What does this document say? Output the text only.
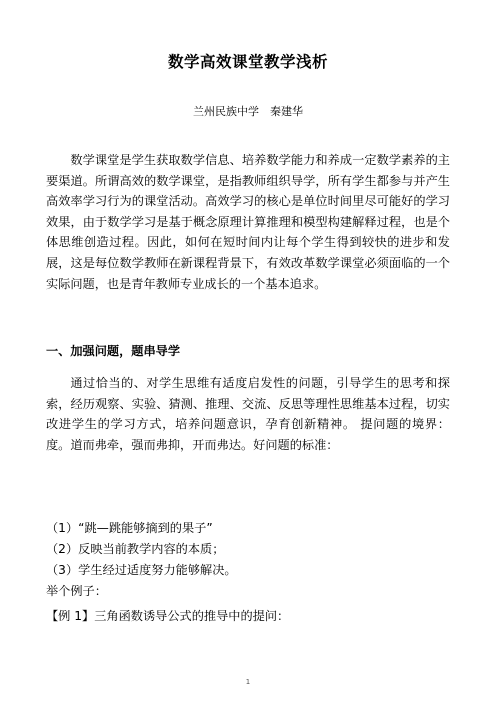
数学高效课堂教学浅析
兰州民族中学　秦建华

数学课堂是学生获取数学信息、培养数学能力和养成一定数学素养的主要渠道。所谓高效的数学课堂，是指教师组织导学，所有学生都参与并产生高效率学习行为的课堂活动。高效学习的核心是单位时间里尽可能好的学习效果，由于数学学习是基于概念原理计算推理和模型构建解释过程，也是个体思维创造过程。因此，如何在短时间内让每个学生得到较快的进步和发展，这是每位数学教师在新课程背景下，有效改革数学课堂必须面临的一个实际问题，也是青年教师专业成长的一个基本追求。

一、加强问题，题串导学

通过恰当的、对学生思维有适度启发性的问题，引导学生的思考和探索，经历观察、实验、猜测、推理、交流、反思等理性思维基本过程，切实改进学生的学习方式，培养问题意识，孕育创新精神。 提问题的境界：度。道而弗牵，强而弗抑，开而弗达。好问题的标准：

（1）“跳—跳能够摘到的果子”
（2）反映当前教学内容的本质；
（3）学生经过适度努力能够解决。
举个例子：
【例 1】三角函数诱导公式的推导中的提问：
1
